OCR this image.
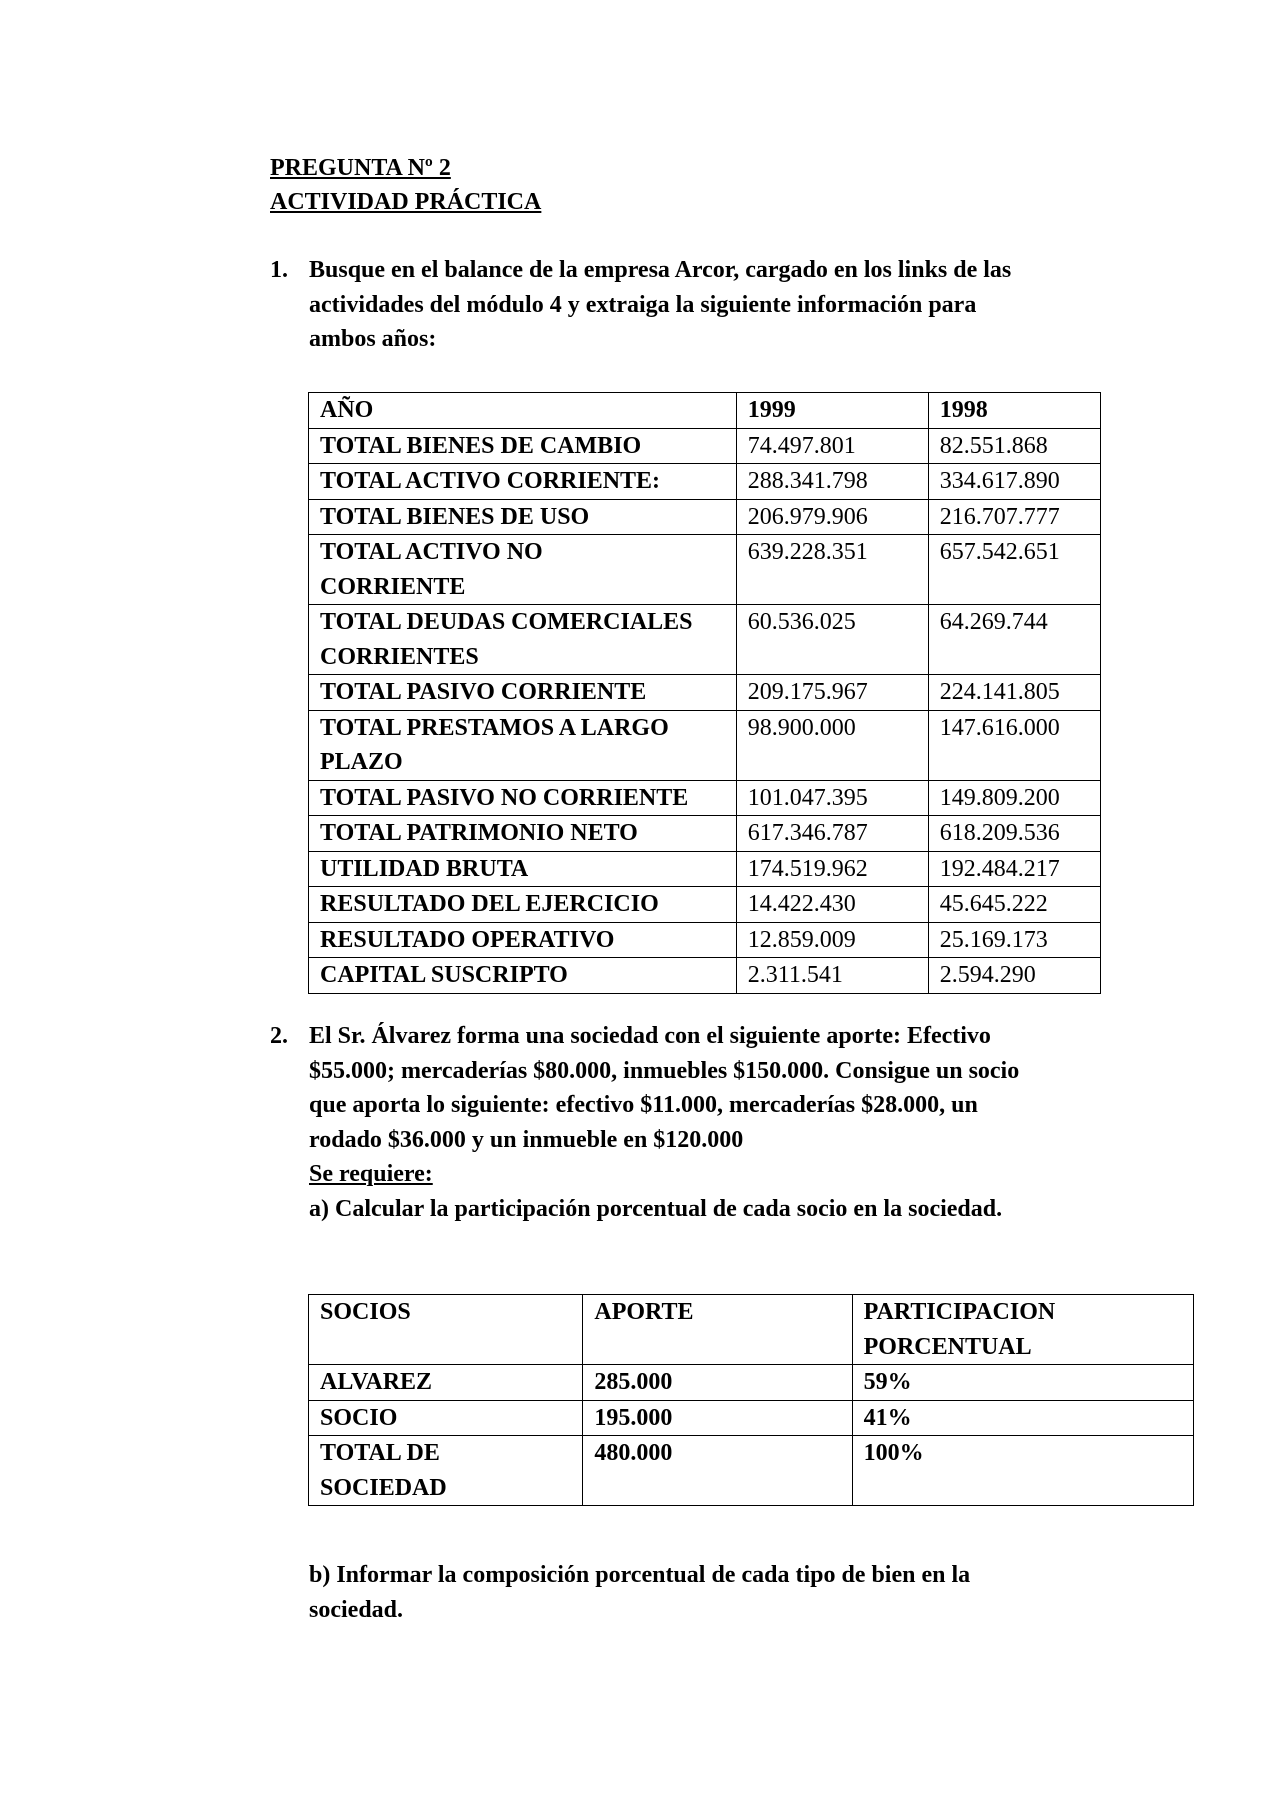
PREGUNTA Nº 2
ACTIVIDAD PRÁCTICA
1. Busque en el balance de la empresa Arcor, cargado en los links de las
actividades del módulo 4 y extraiga la siguiente información para
ambos años:
AÑO	1999	1998

TOTAL BIENES DE CAMBIO	74.497.801	82.551.868

TOTAL ACTIVO CORRIENTE:	288.341.798	334.617.890

TOTAL BIENES DE USO	206.979.906	216.707.777

TOTAL ACTIVO NO
CORRIENTE	639.228.351	657.542.651

TOTAL DEUDAS COMERCIALES
CORRIENTES	60.536.025	64.269.744

TOTAL PASIVO CORRIENTE	209.175.967	224.141.805

TOTAL PRESTAMOS A LARGO
PLAZO	98.900.000	147.616.000

TOTAL PASIVO NO CORRIENTE	101.047.395	149.809.200

TOTAL PATRIMONIO NETO	617.346.787	618.209.536

UTILIDAD BRUTA	174.519.962	192.484.217

RESULTADO DEL EJERCICIO	14.422.430	45.645.222

RESULTADO OPERATIVO	12.859.009	25.169.173

CAPITAL SUSCRIPTO	2.311.541	2.594.290
2. El Sr. Álvarez forma una sociedad con el siguiente aporte: Efectivo
$55.000; mercaderías $80.000, inmuebles $150.000. Consigue un socio
que aporta lo siguiente: efectivo $11.000, mercaderías $28.000, un
rodado $36.000 y un inmueble en $120.000
Se requiere:
a) Calcular la participación porcentual de cada socio en la sociedad.
SOCIOS	APORTE	PARTICIPACION
PORCENTUAL

ALVAREZ	285.000	59%

SOCIO	195.000	41%

TOTAL DE
SOCIEDAD	480.000	100%
b) Informar la composición porcentual de cada tipo de bien en la
sociedad.
